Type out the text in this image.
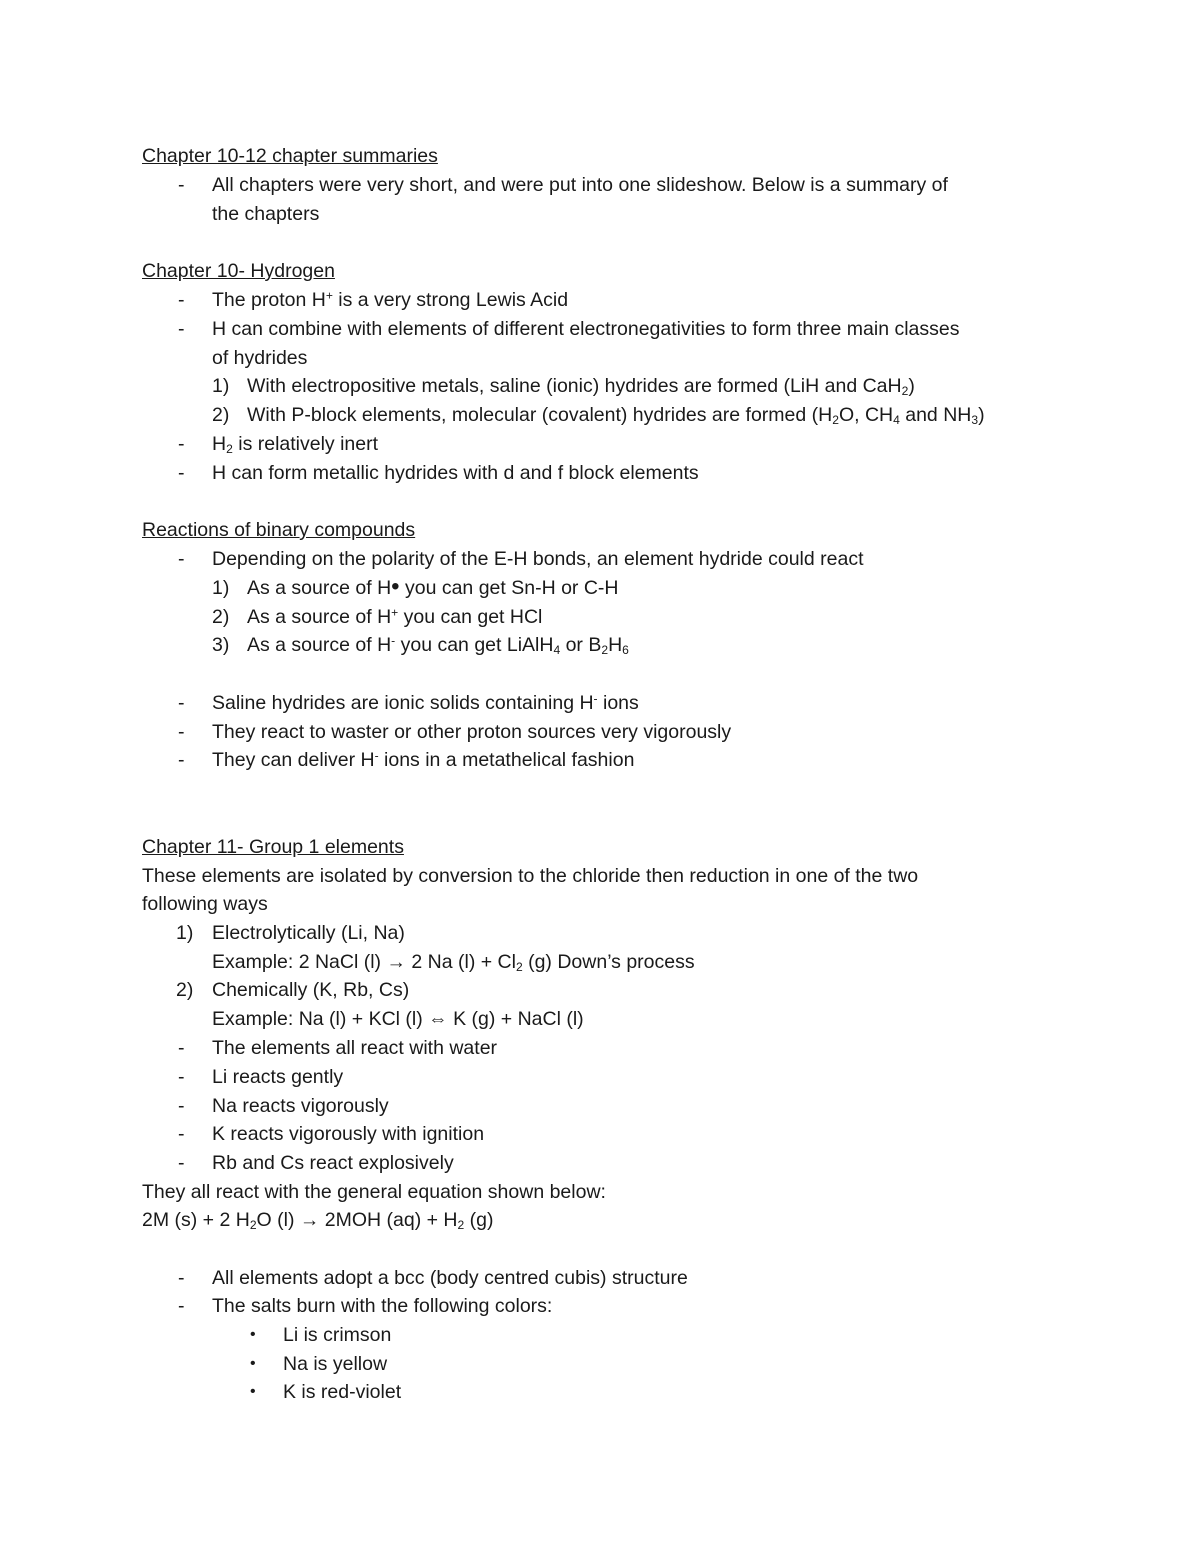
Chapter 10-12 chapter summaries
- All chapters were very short, and were put into one slideshow. Below is a summary of
the chapters
Chapter 10- Hydrogen
- The proton H+ is a very strong Lewis Acid
- H can combine with elements of different electronegativities to form three main classes
of hydrides
1) With electropositive metals, saline (ionic) hydrides are formed (LiH and CaH$_2$)
2) With P-block elements, molecular (covalent) hydrides are formed ($H_2O$, $CH_4$ and $NH_3$)
- $H_2$ is relatively inert
- H can form metallic hydrides with d and f block elements
Reactions of binary compounds
- Depending on the polarity of the E-H bonds, an element hydride could react
1) As a source of H• you can get Sn-H or C-H
2) As a source of H+ you can get HCl
3) As a source of H- you can get LiAlH$_4$ or $B_2H_6$
- Saline hydrides are ionic solids containing H- ions
- They react to waster or other proton sources very vigorously
- They can deliver H- ions in a metathelical fashion
Chapter 11- Group 1 elements
These elements are isolated by conversion to the chloride then reduction in one of the two
following ways
1) Electrolytically (Li, Na)
Example: 2 NaCl (l) → 2 Na $(l) + Cl_2$ (g) Down’s process
2) Chemically (K, Rb, Cs)
Example: Na (l) + KCl (l) ⇔ K (g) + NaCl (l)
- The elements all react with water
- Li reacts gently
- Na reacts vigorously
- K reacts vigorously with ignition
- Rb and Cs react explosively
They all react with the general equation shown below:
2M (s) + 2 $H_2O$ (l) → 2MOH $(aq) + H_2$ (g)
- All elements adopt a bcc (body centred cubis) structure
- The salts burn with the following colors:
• Li is crimson
• Na is yellow
• K is red-violet
